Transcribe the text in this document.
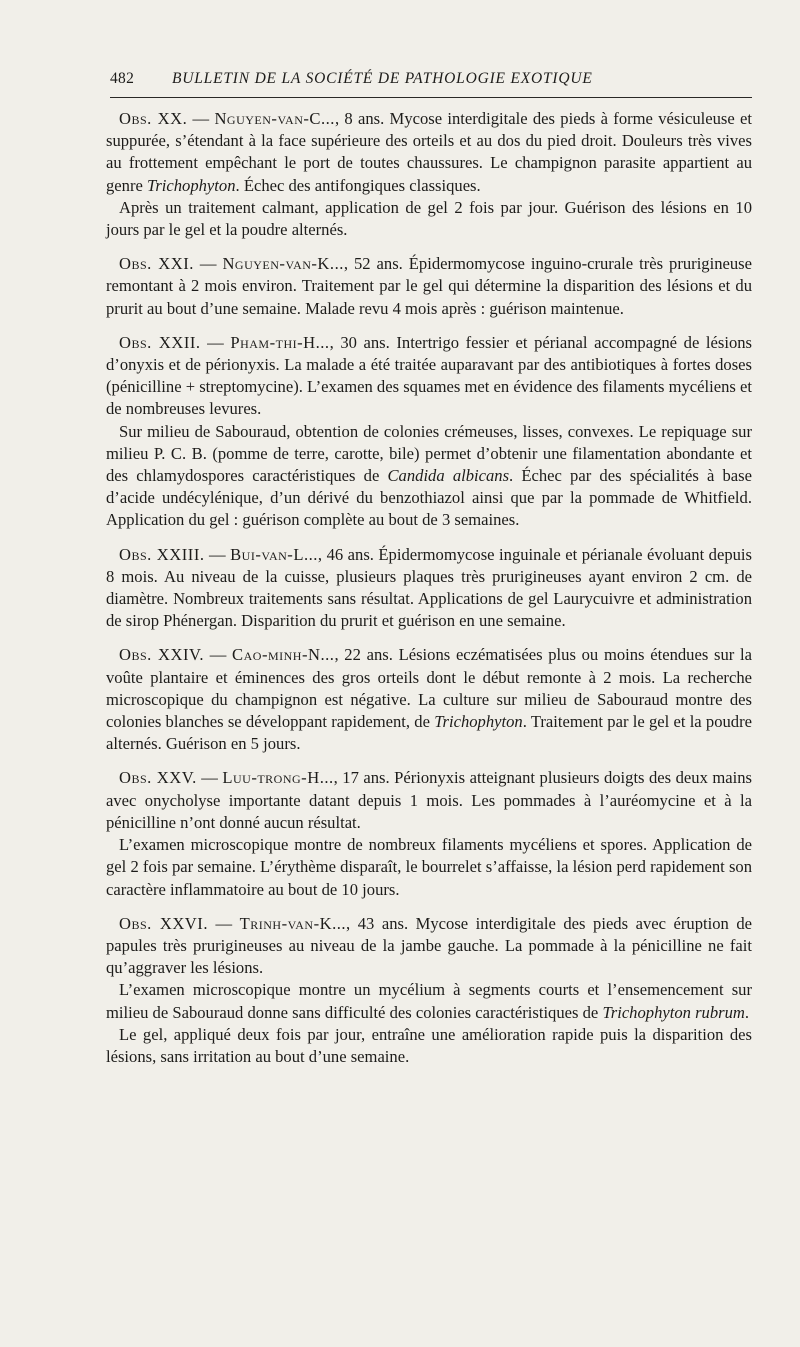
482 BULLETIN DE LA SOCIÉTÉ DE PATHOLOGIE EXOTIQUE

Obs. XX. — Nguyen-van-C..., 8 ans. Mycose interdigitale des pieds à forme vésiculeuse et suppurée, s’étendant à la face supérieure des orteils et au dos du pied droit. Douleurs très vives au frottement empêchant le port de toutes chaussures. Le champignon parasite appartient au genre Trichophyton. Échec des antifongiques classiques.

Après un traitement calmant, application de gel 2 fois par jour. Guérison des lésions en 10 jours par le gel et la poudre alternés.

Obs. XXI. — Nguyen-van-K..., 52 ans. Épidermomycose inguino-crurale très prurigineuse remontant à 2 mois environ. Traitement par le gel qui détermine la disparition des lésions et du prurit au bout d’une semaine. Malade revu 4 mois après : guérison maintenue.

Obs. XXII. — Pham-thi-H..., 30 ans. Intertrigo fessier et périanal accompagné de lésions d’onyxis et de périonyxis. La malade a été traitée auparavant par des antibiotiques à fortes doses (pénicilline + streptomycine). L’examen des squames met en évidence des filaments mycéliens et de nombreuses levures.

Sur milieu de Sabouraud, obtention de colonies crémeuses, lisses, convexes. Le repiquage sur milieu P. C. B. (pomme de terre, carotte, bile) permet d’obtenir une filamentation abondante et des chlamydospores caractéristiques de Candida albicans. Échec par des spécialités à base d’acide undécylénique, d’un dérivé du benzothiazol ainsi que par la pommade de Whitfield. Application du gel : guérison complète au bout de 3 semaines.

Obs. XXIII. — Bui-van-L..., 46 ans. Épidermomycose inguinale et périanale évoluant depuis 8 mois. Au niveau de la cuisse, plusieurs plaques très prurigineuses ayant environ 2 cm. de diamètre. Nombreux traitements sans résultat. Applications de gel Laurycuivre et administration de sirop Phénergan. Disparition du prurit et guérison en une semaine.

Obs. XXIV. — Cao-minh-N..., 22 ans. Lésions eczématisées plus ou moins étendues sur la voûte plantaire et éminences des gros orteils dont le début remonte à 2 mois. La recherche microscopique du champignon est négative. La culture sur milieu de Sabouraud montre des colonies blanches se développant rapidement, de Trichophyton. Traitement par le gel et la poudre alternés. Guérison en 5 jours.

Obs. XXV. — Luu-trong-H..., 17 ans. Périonyxis atteignant plusieurs doigts des deux mains avec onycholyse importante datant depuis 1 mois. Les pommades à l’auréomycine et à la pénicilline n’ont donné aucun résultat.

L’examen microscopique montre de nombreux filaments mycéliens et spores. Application de gel 2 fois par semaine. L’érythème disparaît, le bourrelet s’affaisse, la lésion perd rapidement son caractère inflammatoire au bout de 10 jours.

Obs. XXVI. — Trinh-van-K..., 43 ans. Mycose interdigitale des pieds avec éruption de papules très prurigineuses au niveau de la jambe gauche. La pommade à la pénicilline ne fait qu’aggraver les lésions.

L’examen microscopique montre un mycélium à segments courts et l’ensemencement sur milieu de Sabouraud donne sans difficulté des colonies caractéristiques de Trichophyton rubrum.

Le gel, appliqué deux fois par jour, entraîne une amélioration rapide puis la disparition des lésions, sans irritation au bout d’une semaine.
